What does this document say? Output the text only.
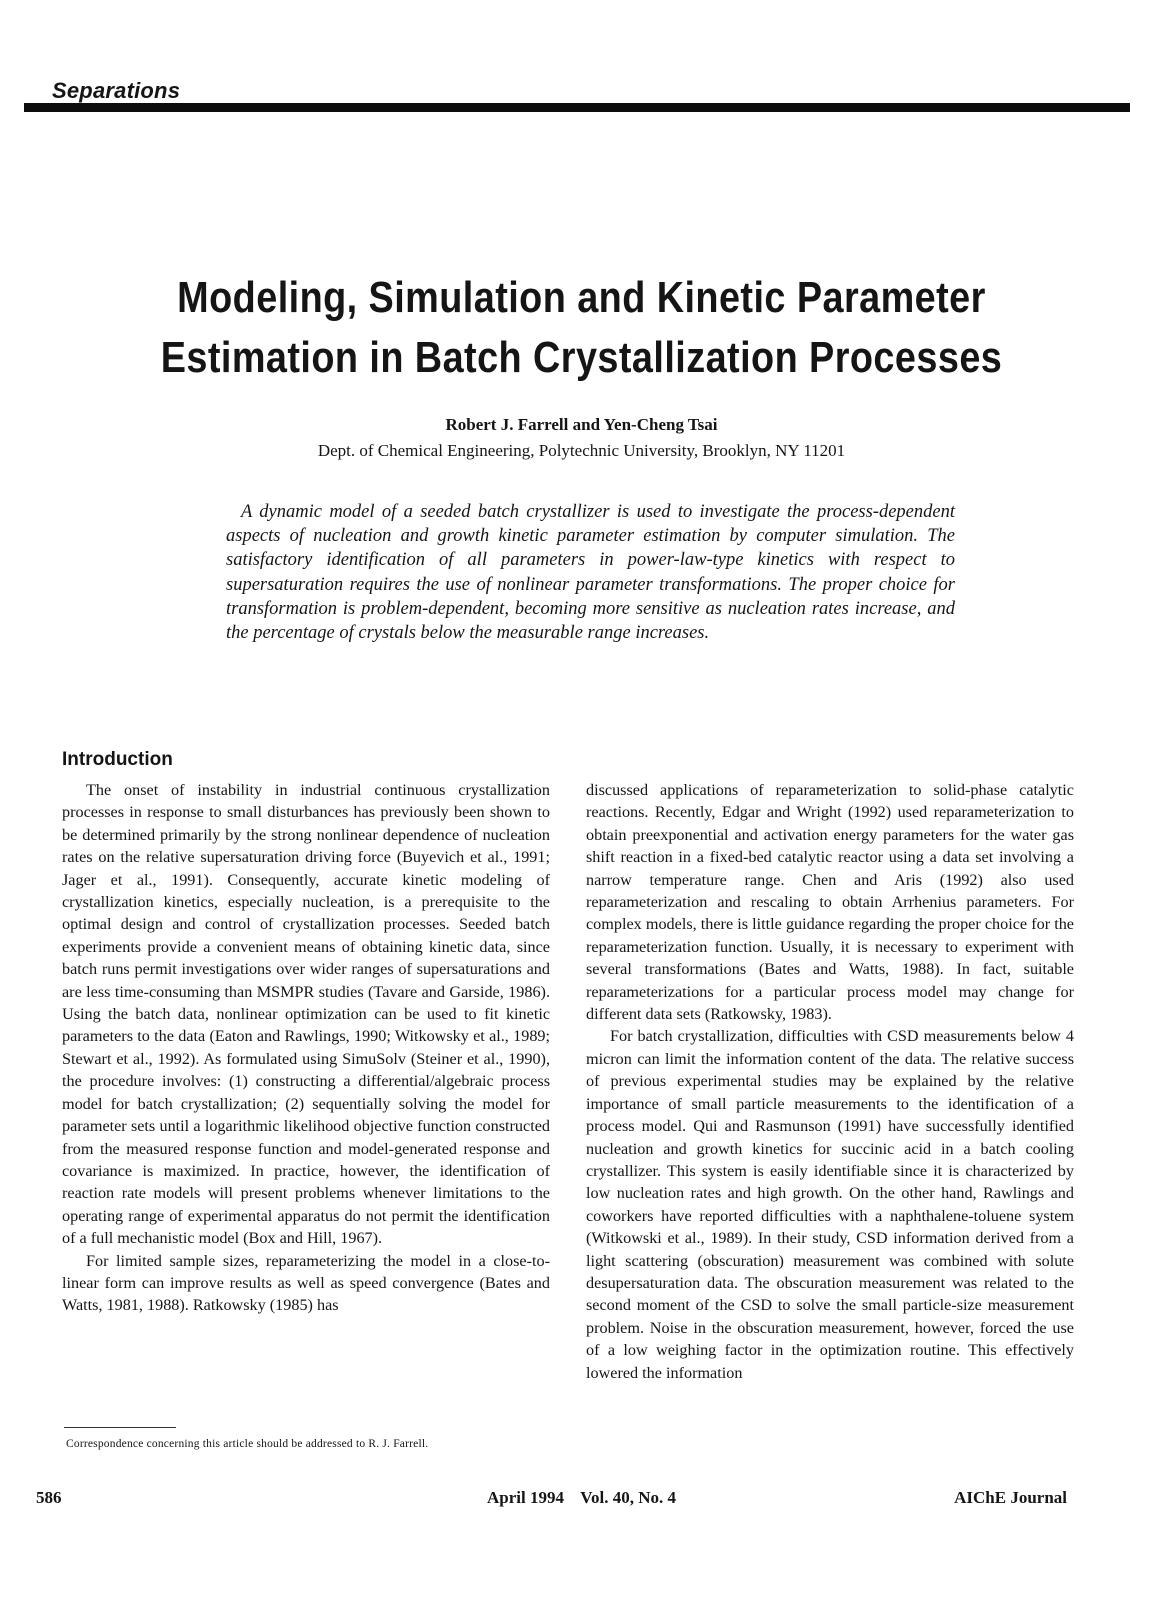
Separations
Modeling, Simulation and Kinetic Parameter
Estimation in Batch Crystallization Processes
Robert J. Farrell and Yen-Cheng Tsai
Dept. of Chemical Engineering, Polytechnic University, Brooklyn, NY 11201
A dynamic model of a seeded batch crystallizer is used to investigate the process-dependent aspects of nucleation and growth kinetic parameter estimation by computer simulation. The satisfactory identification of all parameters in power-law-type kinetics with respect to supersaturation requires the use of nonlinear parameter transformations. The proper choice for transformation is problem-dependent, becoming more sensitive as nucleation rates increase, and the percentage of crystals below the measurable range increases.
Introduction

The onset of instability in industrial continuous crystallization processes in response to small disturbances has previously been shown to be determined primarily by the strong nonlinear dependence of nucleation rates on the relative supersaturation driving force (Buyevich et al., 1991; Jager et al., 1991). Consequently, accurate kinetic modeling of crystallization kinetics, especially nucleation, is a prerequisite to the optimal design and control of crystallization processes. Seeded batch experiments provide a convenient means of obtaining kinetic data, since batch runs permit investigations over wider ranges of supersaturations and are less time-consuming than MSMPR studies (Tavare and Garside, 1986). Using the batch data, nonlinear optimization can be used to fit kinetic parameters to the data (Eaton and Rawlings, 1990; Witkowsky et al., 1989; Stewart et al., 1992). As formulated using SimuSolv (Steiner et al., 1990), the procedure involves: (1) constructing a differential/algebraic process model for batch crystallization; (2) sequentially solving the model for parameter sets until a logarithmic likelihood objective function constructed from the measured response function and model-generated response and covariance is maximized. In practice, however, the identification of reaction rate models will present problems whenever limitations to the operating range of experimental apparatus do not permit the identification of a full mechanistic model (Box and Hill, 1967).

For limited sample sizes, reparameterizing the model in a close-to-linear form can improve results as well as speed convergence (Bates and Watts, 1981, 1988). Ratkowsky (1985) has

discussed applications of reparameterization to solid-phase catalytic reactions. Recently, Edgar and Wright (1992) used reparameterization to obtain preexponential and activation energy parameters for the water gas shift reaction in a fixed-bed catalytic reactor using a data set involving a narrow temperature range. Chen and Aris (1992) also used reparameterization and rescaling to obtain Arrhenius parameters. For complex models, there is little guidance regarding the proper choice for the reparameterization function. Usually, it is necessary to experiment with several transformations (Bates and Watts, 1988). In fact, suitable reparameterizations for a particular process model may change for different data sets (Ratkowsky, 1983).

For batch crystallization, difficulties with CSD measurements below 4 micron can limit the information content of the data. The relative success of previous experimental studies may be explained by the relative importance of small particle measurements to the identification of a process model. Qui and Rasmunson (1991) have successfully identified nucleation and growth kinetics for succinic acid in a batch cooling crystallizer. This system is easily identifiable since it is characterized by low nucleation rates and high growth. On the other hand, Rawlings and coworkers have reported difficulties with a naphthalene-toluene system (Witkowski et al., 1989). In their study, CSD information derived from a light scattering (obscuration) measurement was combined with solute desupersaturation data. The obscuration measurement was related to the second moment of the CSD to solve the small particle-size measurement problem. Noise in the obscuration measurement, however, forced the use of a low weighing factor in the optimization routine. This effectively lowered the information

Correspondence concerning this article should be addressed to R. J. Farrell.
586	April 1994 Vol. 40, No. 4	AIChE Journal
